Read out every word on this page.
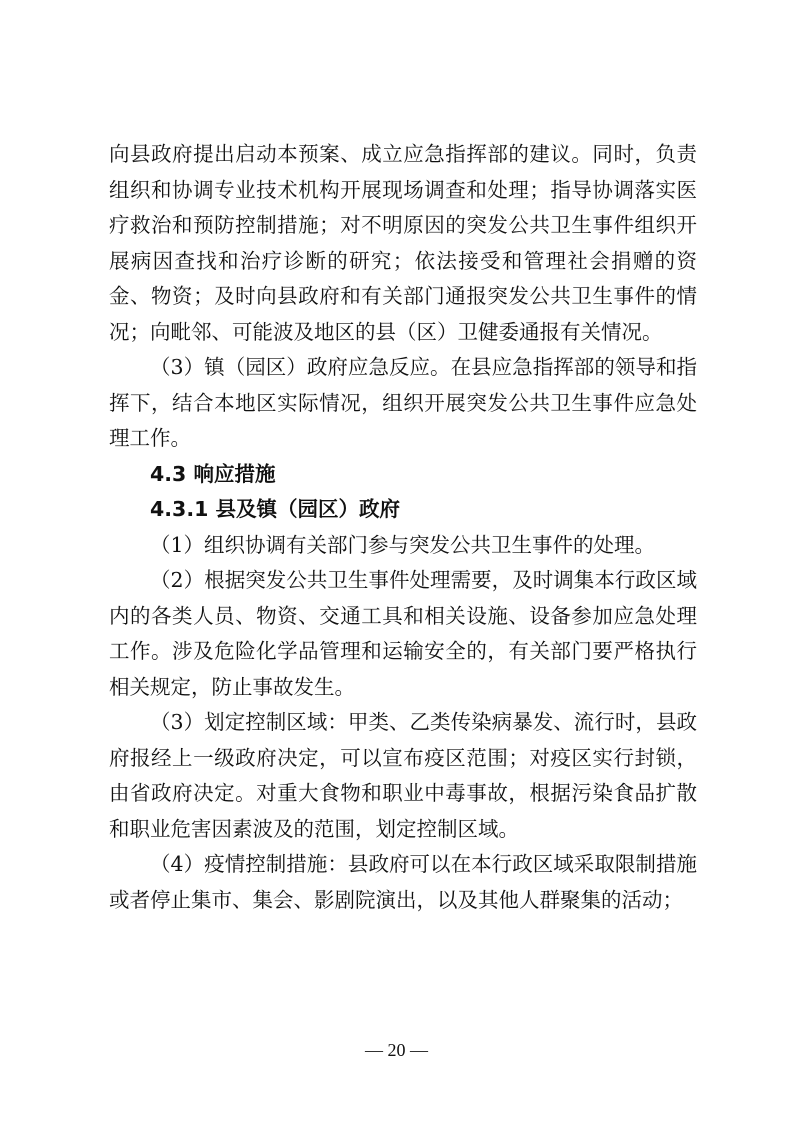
向县政府提出启动本预案、成立应急指挥部的建议。同时，负责组织和协调专业技术机构开展现场调查和处理；指导协调落实医疗救治和预防控制措施；对不明原因的突发公共卫生事件组织开展病因查找和治疗诊断的研究；依法接受和管理社会捐赠的资金、物资；及时向县政府和有关部门通报突发公共卫生事件的情况；向毗邻、可能波及地区的县（区）卫健委通报有关情况。

（3）镇（园区）政府应急反应。在县应急指挥部的领导和指挥下，结合本地区实际情况，组织开展突发公共卫生事件应急处理工作。

4.3 响应措施

4.3.1 县及镇（园区）政府

（1）组织协调有关部门参与突发公共卫生事件的处理。

（2）根据突发公共卫生事件处理需要，及时调集本行政区域内的各类人员、物资、交通工具和相关设施、设备参加应急处理工作。涉及危险化学品管理和运输安全的，有关部门要严格执行相关规定，防止事故发生。

（3）划定控制区域：甲类、乙类传染病暴发、流行时，县政府报经上一级政府决定，可以宣布疫区范围；对疫区实行封锁，由省政府决定。对重大食物和职业中毒事故，根据污染食品扩散和职业危害因素波及的范围，划定控制区域。

（4）疫情控制措施：县政府可以在本行政区域采取限制措施或者停止集市、集会、影剧院演出，以及其他人群聚集的活动；

— 20 —
